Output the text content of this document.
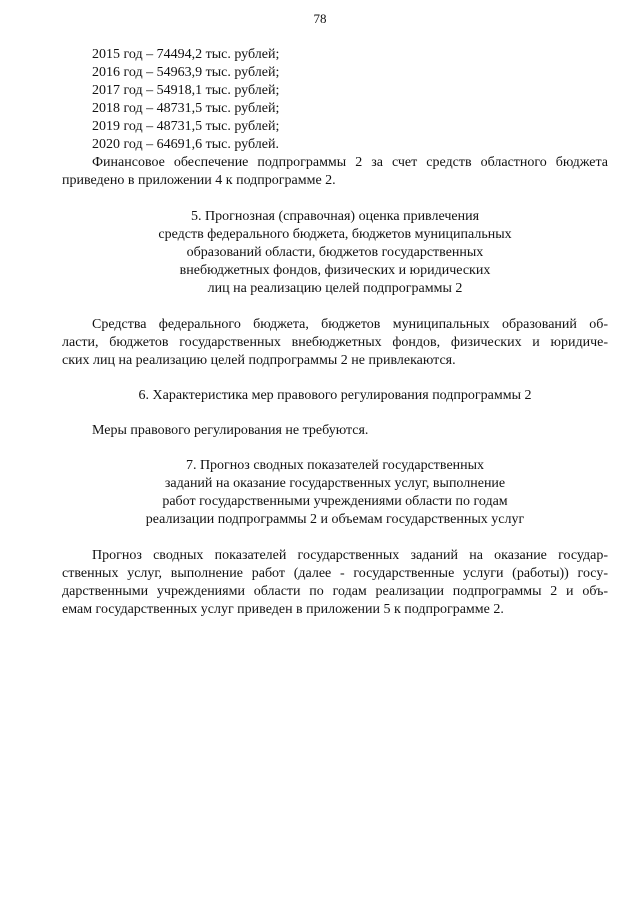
78
2015 год – 74494,2 тыс. рублей;
2016 год – 54963,9 тыс. рублей;
2017 год – 54918,1 тыс. рублей;
2018 год – 48731,5 тыс. рублей;
2019 год – 48731,5 тыс. рублей;
2020 год – 64691,6 тыс. рублей.
Финансовое обеспечение подпрограммы 2 за счет средств областного бюджета
приведено в приложении 4 к подпрограмме 2.
5. Прогнозная (справочная) оценка привлечения
средств федерального бюджета, бюджетов муниципальных
образований области, бюджетов государственных
внебюджетных фондов, физических и юридических
лиц на реализацию целей подпрограммы 2
Средства федерального бюджета, бюджетов муниципальных образований об-
ласти, бюджетов государственных внебюджетных фондов, физических и юридиче-
ских лиц на реализацию целей подпрограммы 2 не привлекаются.
6. Характеристика мер правового регулирования подпрограммы 2
Меры правового регулирования не требуются.
7. Прогноз сводных показателей государственных
заданий на оказание государственных услуг, выполнение
работ государственными учреждениями области по годам
реализации подпрограммы 2 и объемам государственных услуг
Прогноз сводных показателей государственных заданий на оказание государ-
ственных услуг, выполнение работ (далее - государственные услуги (работы)) госу-
дарственными учреждениями области по годам реализации подпрограммы 2 и объ-
емам государственных услуг приведен в приложении 5 к подпрограмме 2.
